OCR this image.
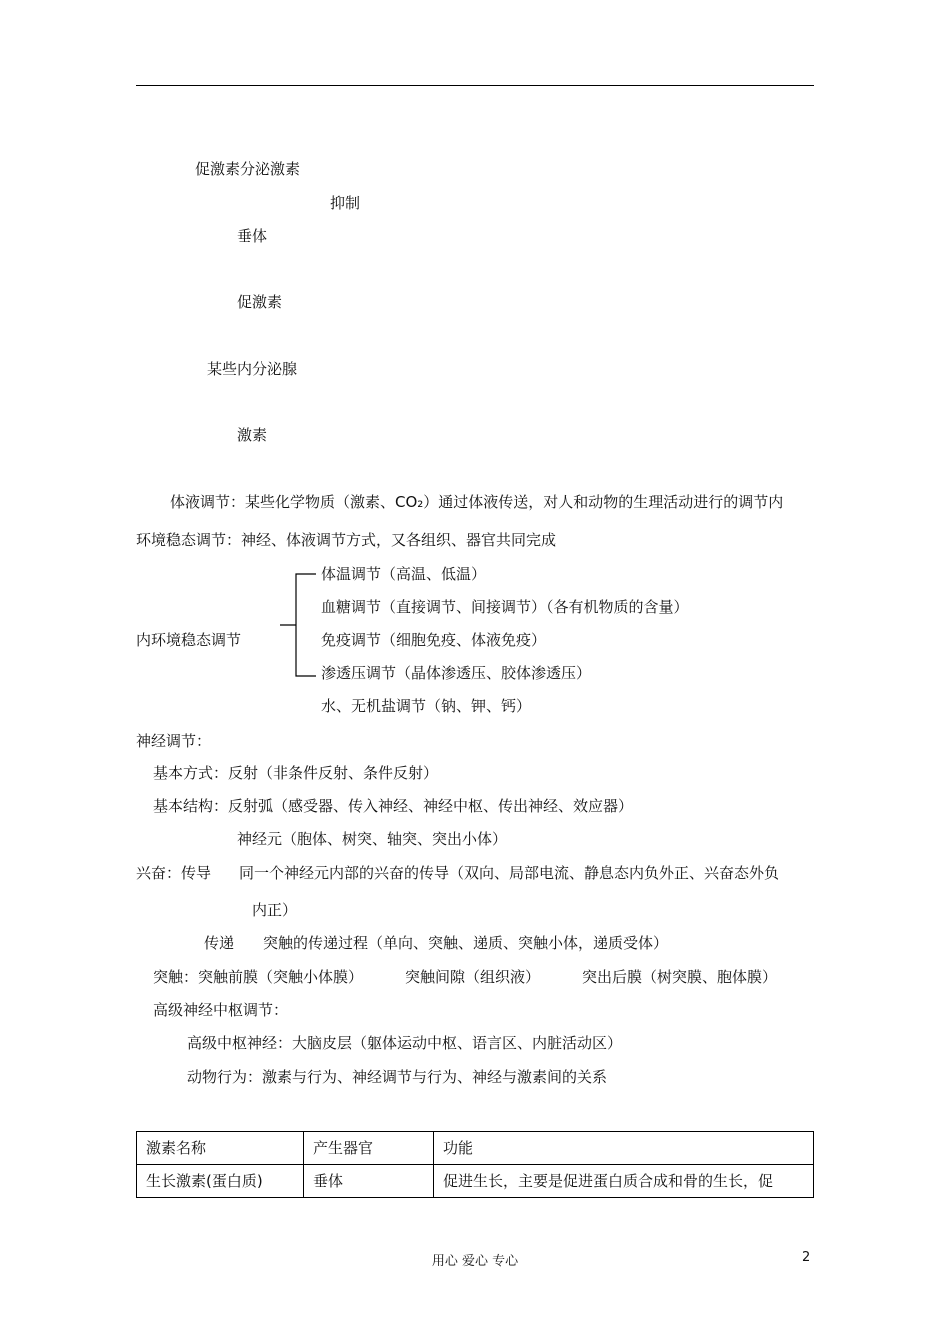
促激素分泌激素
抑制
垂体
促激素
某些内分泌腺
激素
体液调节：某些化学物质（激素、CO₂）通过体液传送，对人和动物的生理活动进行的调节内
环境稳态调节：神经、体液调节方式，又各组织、器官共同完成
内环境稳态调节
体温调节（高温、低温）
血糖调节（直接调节、间接调节）（各有机物质的含量）
免疫调节（细胞免疫、体液免疫）
渗透压调节（晶体渗透压、胶体渗透压）
水、无机盐调节（钠、钾、钙）
神经调节：
基本方式：反射（非条件反射、条件反射）
基本结构：反射弧（感受器、传入神经、神经中枢、传出神经、效应器）
神经元（胞体、树突、轴突、突出小体）
兴奋：传导 同一个神经元内部的兴奋的传导（双向、局部电流、静息态内负外正、兴奋态外负
内正）
传递 突触的传递过程（单向、突触、递质、突触小体，递质受体）
突触：突触前膜（突触小体膜）	突触间隙（组织液）	突出后膜（树突膜、胞体膜）
高级神经中枢调节：
高级中枢神经：大脑皮层（躯体运动中枢、语言区、内脏活动区）
动物行为：激素与行为、神经调节与行为、神经与激素间的关系
激素名称	产生器官	功能
生长激素(蛋白质)	垂体	促进生长，主要是促进蛋白质合成和骨的生长，促
用心 爱心 专心	2
